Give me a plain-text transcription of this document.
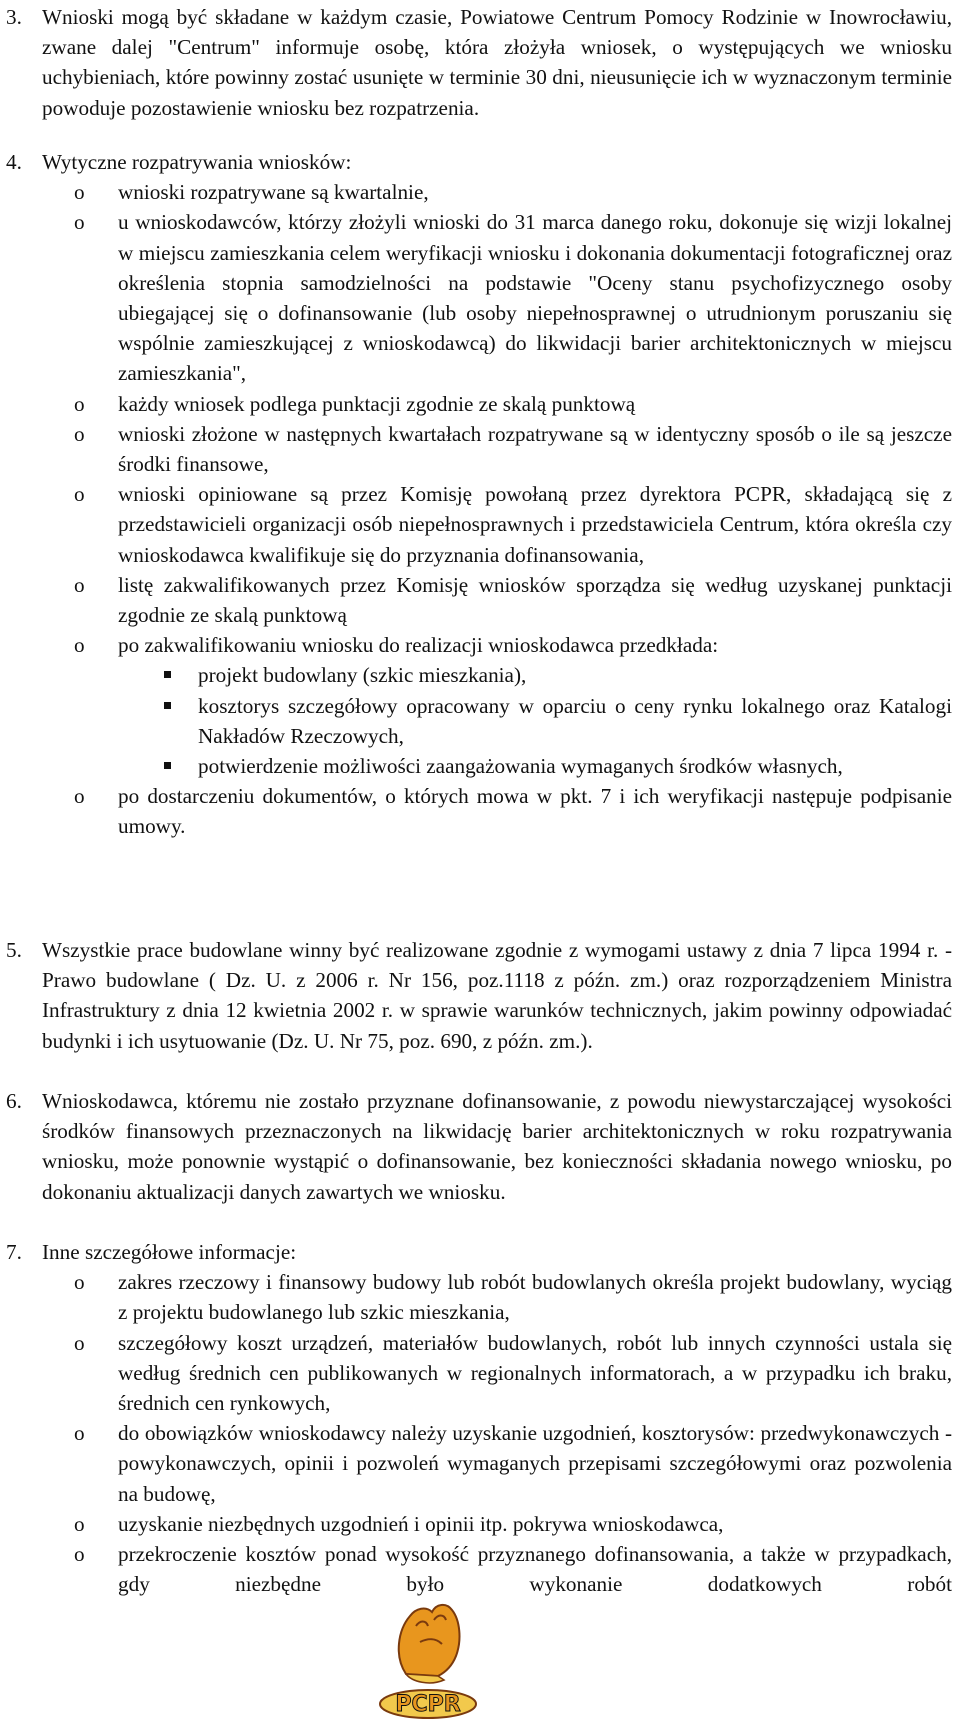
3. Wnioski mogą być składane w każdym czasie, Powiatowe Centrum Pomocy Rodzinie w Inowrocławiu, zwane dalej "Centrum" informuje osobę, która złożyła wniosek, o występujących we wniosku uchybieniach, które powinny zostać usunięte w terminie 30 dni, nieusunięcie ich w wyznaczonym terminie powoduje pozostawienie wniosku bez rozpatrzenia.
4. Wytyczne rozpatrywania wniosków:
o wnioski rozpatrywane są kwartalnie,
o u wnioskodawców, którzy złożyli wnioski do 31 marca danego roku, dokonuje się wizji lokalnej w miejscu zamieszkania celem weryfikacji wniosku i dokonania dokumentacji fotograficznej oraz określenia stopnia samodzielności na podstawie "Oceny stanu psychofizycznego osoby ubiegającej się o dofinansowanie (lub osoby niepełnosprawnej o utrudnionym poruszaniu się wspólnie zamieszkującej z wnioskodawcą) do likwidacji barier architektonicznych w miejscu zamieszkania",
o każdy wniosek podlega punktacji zgodnie ze skalą punktową
o wnioski złożone w następnych kwartałach rozpatrywane są w identyczny sposób o ile są jeszcze środki finansowe,
o wnioski opiniowane są przez Komisję powołaną przez dyrektora PCPR, składającą się z przedstawicieli organizacji osób niepełnosprawnych i przedstawiciela Centrum, która określa czy wnioskodawca kwalifikuje się do przyznania dofinansowania,
o listę zakwalifikowanych przez Komisję wniosków sporządza się według uzyskanej punktacji zgodnie ze skalą punktową
o po zakwalifikowaniu wniosku do realizacji wnioskodawca przedkłada:
projekt budowlany (szkic mieszkania),
kosztorys szczegółowy opracowany w oparciu o ceny rynku lokalnego oraz Katalogi Nakładów Rzeczowych,
potwierdzenie możliwości zaangażowania wymaganych środków własnych,
o po dostarczeniu dokumentów, o których mowa w pkt. 7 i ich weryfikacji następuje podpisanie umowy.
5. Wszystkie prace budowlane winny być realizowane zgodnie z wymogami ustawy z dnia 7 lipca 1994 r. - Prawo budowlane ( Dz. U. z 2006 r. Nr 156, poz.1118 z późn. zm.) oraz rozporządzeniem Ministra Infrastruktury z dnia 12 kwietnia 2002 r. w sprawie warunków technicznych, jakim powinny odpowiadać budynki i ich usytuowanie (Dz. U. Nr 75, poz. 690, z późn. zm.).
6. Wnioskodawca, któremu nie zostało przyznane dofinansowanie, z powodu niewystarczającej wysokości środków finansowych przeznaczonych na likwidację barier architektonicznych w roku rozpatrywania wniosku, może ponownie wystąpić o dofinansowanie, bez konieczności składania nowego wniosku, po dokonaniu aktualizacji danych zawartych we wniosku.
7. Inne szczegółowe informacje:
o zakres rzeczowy i finansowy budowy lub robót budowlanych określa projekt budowlany, wyciąg z projektu budowlanego lub szkic mieszkania,
o szczegółowy koszt urządzeń, materiałów budowlanych, robót lub innych czynności ustala się według średnich cen publikowanych w regionalnych informatorach, a w przypadku ich braku, średnich cen rynkowych,
o do obowiązków wnioskodawcy należy uzyskanie uzgodnień, kosztorysów: przedwykonawczych - powykonawczych, opinii i pozwoleń wymaganych przepisami szczegółowymi oraz pozwolenia na budowę,
o uzyskanie niezbędnych uzgodnień i opinii itp. pokrywa wnioskodawca,
o przekroczenie kosztów ponad wysokość przyznanego dofinansowania, a także w przypadkach, gdy niezbędne było wykonanie dodatkowych robót
PCPR
